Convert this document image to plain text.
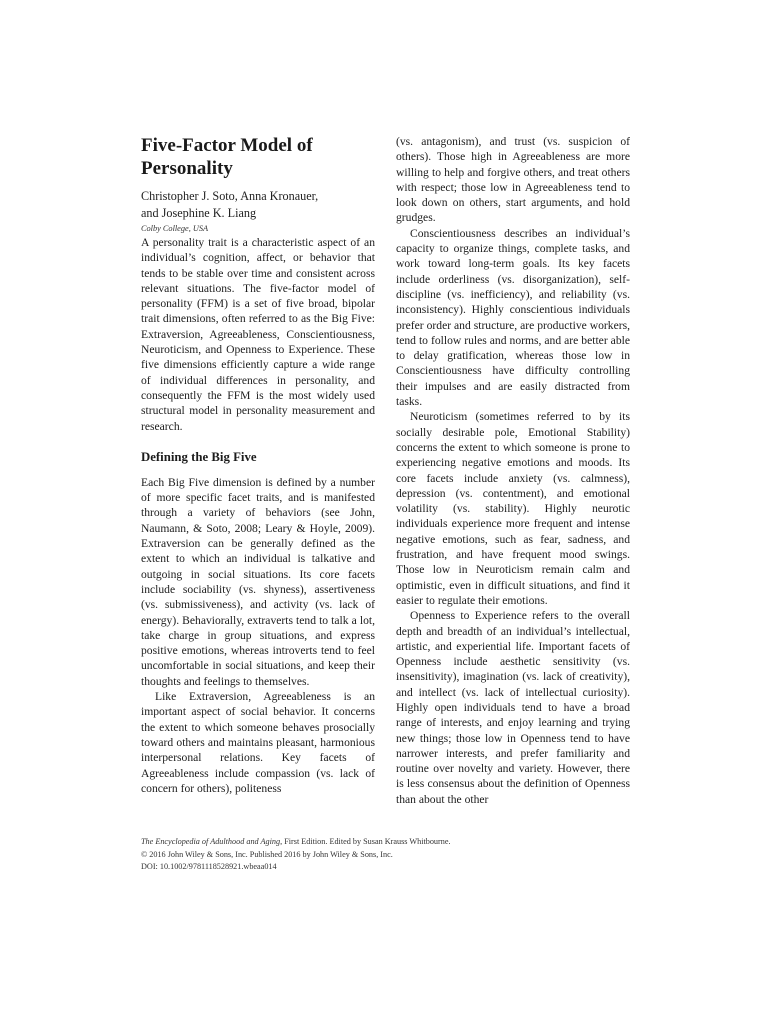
Five-Factor Model of Personality
Christopher J. Soto, Anna Kronauer,
and Josephine K. Liang
Colby College, USA

A personality trait is a characteristic aspect of an individual’s cognition, affect, or behavior that tends to be stable over time and consistent across relevant situations. The five-factor model of personality (FFM) is a set of five broad, bipolar trait dimensions, often referred to as the Big Five: Extraversion, Agreeableness, Conscientiousness, Neuroticism, and Openness to Experience. These five dimensions efficiently capture a wide range of individual differences in personality, and consequently the FFM is the most widely used structural model in personality measurement and research.

Defining the Big Five

Each Big Five dimension is defined by a number of more specific facet traits, and is manifested through a variety of behaviors (see John, Naumann, & Soto, 2008; Leary & Hoyle, 2009). Extraversion can be generally defined as the extent to which an individual is talkative and outgoing in social situations. Its core facets include sociability (vs. shyness), assertiveness (vs. submissiveness), and activity (vs. lack of energy). Behaviorally, extraverts tend to talk a lot, take charge in group situations, and express positive emotions, whereas introverts tend to feel uncomfortable in social situations, and keep their thoughts and feelings to themselves.

Like Extraversion, Agreeableness is an important aspect of social behavior. It concerns the extent to which someone behaves prosocially toward others and maintains pleasant, harmonious interpersonal relations. Key facets of Agreeableness include compassion (vs. lack of concern for others), politeness

(vs. antagonism), and trust (vs. suspicion of others). Those high in Agreeableness are more willing to help and forgive others, and treat others with respect; those low in Agreeableness tend to look down on others, start arguments, and hold grudges.

Conscientiousness describes an individual’s capacity to organize things, complete tasks, and work toward long-term goals. Its key facets include orderliness (vs. disorganization), self-discipline (vs. inefficiency), and reliability (vs. inconsistency). Highly conscientious individuals prefer order and structure, are productive workers, tend to follow rules and norms, and are better able to delay gratification, whereas those low in Conscientiousness have difficulty controlling their impulses and are easily distracted from tasks.

Neuroticism (sometimes referred to by its socially desirable pole, Emotional Stability) concerns the extent to which someone is prone to experiencing negative emotions and moods. Its core facets include anxiety (vs. calmness), depression (vs. contentment), and emotional volatility (vs. stability). Highly neurotic individuals experience more frequent and intense negative emotions, such as fear, sadness, and frustration, and have frequent mood swings. Those low in Neuroticism remain calm and optimistic, even in difficult situations, and find it easier to regulate their emotions.

Openness to Experience refers to the overall depth and breadth of an individual’s intellectual, artistic, and experiential life. Important facets of Openness include aesthetic sensitivity (vs. insensitivity), imagination (vs. lack of creativity), and intellect (vs. lack of intellectual curiosity). Highly open individuals tend to have a broad range of interests, and enjoy learning and trying new things; those low in Openness tend to have narrower interests, and prefer familiarity and routine over novelty and variety. However, there is less consensus about the definition of Openness than about the other

The Encyclopedia of Adulthood and Aging, First Edition. Edited by Susan Krauss Whitbourne.
© 2016 John Wiley & Sons, Inc. Published 2016 by John Wiley & Sons, Inc.
DOI: 10.1002/9781118528921.wbeaa014
